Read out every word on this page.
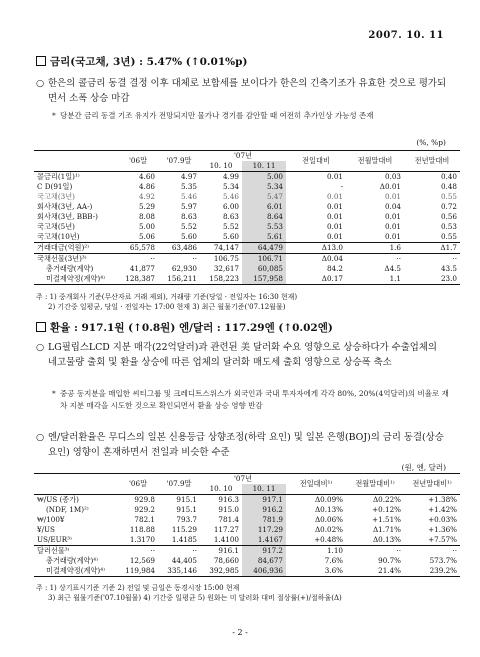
2007. 10. 11
금리(국고채, 3년) : 5.47% (↑0.01%p)
○ 한은의 콜금리 동결 결정 이후 대체로 보합세를 보이다가 한은의 긴축기조가 유효한 것으로 평가되면서 소폭 상승 마감
* 당분간 금리 동결 기조 유지가 전망되지만 물가나 경기를 감안할 때 여전히 추가인상 가능성 존재
(%, %p)
	'06말	'07.9말	'07년		전일대비	전월말대비	전년말대비
			10. 10	10. 11			
콜금리(1일)¹⁾	4.60	4.97	4.99	5.00	0.01	0.03	0.40
C D(91일)	4.86	5.35	5.34	5.34	-	Δ0.01	0.48
국고채(3년)	4.92	5.46	5.46	5.47	0.01	0.01	0.55
회사채(3년, AA-)	5.29	5.97	6.00	6.01	0.01	0.04	0.72
회사채(3년, BBB-)	8.08	8.63	8.63	8.64	0.01	0.01	0.56
국고채(5년)	5.00	5.52	5.52	5.53	0.01	0.01	0.53
국고채(10년)	5.06	5.60	5.60	5.61	0.01	0.01	0.55
거래대금(억원)²⁾	65,578	63,486	74,147	64,479	Δ13.0	1.6	Δ1.7
국채선물(3년)³⁾	··	··	106.75	106.71	Δ0.04	··	··
총거래량(계약)	41,877	62,930	32,617	60,085	84.2	Δ4.5	43.5
미결제약정(계약)⁴⁾	128,387	156,211	158,223	157,958	Δ0.17	1.1	23.0
주 : 1) 중개회사 기준(무산자료 거래 제외), 거래량 기준(당일 · 전일자는 16:30 현재)
2) 기간중 일평균, 당일 · 전일자는 17:00 현재 3) 최근 월물기준('07.12월물)
환율 : 917.1원 (↑0.8원) 엔/달러 : 117.29엔 (↑0.02엔)
○ LG필립스LCD 지분 매각(22억달러)과 관련된 美 달러화 수요 영향으로 상승하다가 수출업체의 네고물량 출회 및 환율 상승에 따른 업체의 달러화 매도세 출회 영향으로 상승폭 축소
* 중공 동지분을 매입한 씨티그룹 및 크레디트스위스가 외국인과 국내 투자자에게 각각 80%, 20%(4억달러)의 비율로 재차 지분 매각을 시도한 것으로 확인되면서 환율 상승 영향 반감
○ 엔/달러환율은 무디스의 일본 신용등급 상향조정(하락 요인) 및 일본 은행(BOJ)의 금리 동결(상승 요인) 영향이 혼재하면서 전일과 비슷한 수준
(원, 엔, 달러)
	'06말	'07.9말	'07년		전일대비¹⁾	전월말대비¹⁾	전년말대비¹⁾
			10. 10	10. 11			
₩/US (종가)	929.8	915.1	916.3	917.1	Δ0.09%	Δ0.22%	+1.38%
(NDF, 1M)²⁾	929.2	915.1	915.0	916.2	Δ0.13%	+0.12%	+1.42%
₩/100¥	782.1	793.7	781.4	781.9	Δ0.06%	+1.51%	+0.03%
¥/US	118.88	115.29	117.27	117.29	Δ0.02%	Δ1.71%	+1.36%
US/EUR³⁾	1.3170	1.4185	1.4100	1.4167	+0.48%	Δ0.13%	+7.57%
달러선물³⁾	··	··	916.1	917.2	1.10	··	··
총거래량(계약)⁴⁾	12,569	44,405	78,660	84,677	7.6%	90.7%	573.7%
미결제약정(계약)⁴⁾	119,984	335,146	392,985	406,936	3.6%	21.4%	239.2%
주 : 1) 상기표시기준 기준 2) 전일 및 금일은 동경시장 15:00 현재
3) 최근 월물기준('07.10월물) 4) 기간중 일평균 5) 원화는 미 달러화 대비 절상률(+)/절하율(Δ)
- 2 -
